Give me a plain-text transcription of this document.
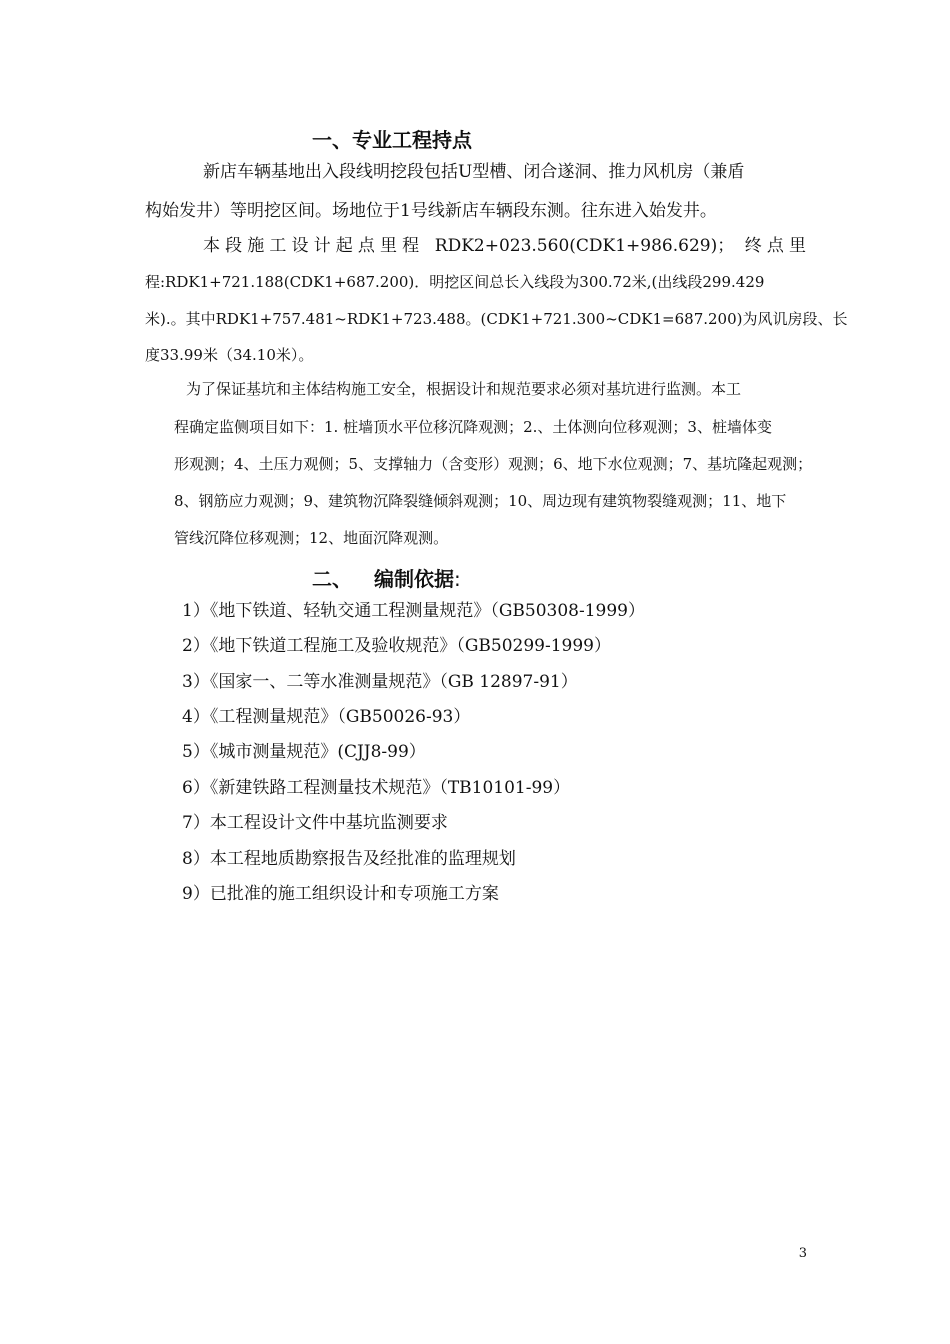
一、专业工程持点
新店车辆基地出入段线明挖段包括U型槽、闭合遂洞、推力风机房（兼盾
构始发井）等明挖区间。场地位于1号线新店车辆段东测。往东进入始发井。
本段施工设计起点里程 RDK2+023.560(CDK1+986.629)； 终点里
程:RDK1+721.188(CDK1+687.200)．明挖区间总长入线段为300.72米,(出线段299.429
米).。其中RDK1+757.481~RDK1+723.488。(CDK1+721.300~CDK1=687.200)为风讥房段、长
度33.99米（34.10米）。
为了保证基坑和主体结构施工安全，根据设计和规范要求必须对基坑进行监测。本工
程确定监侧项目如下：1. 桩墙顶水平位移沉降观测；2.、土体测向位移观测；3、桩墙体变
形观测；4、土压力观侧；5、支撑轴力（含变形）观测；6、地下水位观测；7、基坑隆起观测；
8、钢筋应力观测；9、建筑物沉降裂缝倾斜观测；10、周边现有建筑物裂缝观测；11、地下
管线沉降位移观测；12、地面沉降观测。
二、 编制依据:
1）《地下铁道、轻轨交通工程测量规范》（GB50308-1999）
2）《地下铁道工程施工及验收规范》（GB50299-1999）
3）《国家一、二等水准测量规范》（GB 12897-91）
4）《工程测量规范》（GB50026-93）
5）《城市测量规范》(CJJ8-99）
6）《新建铁路工程测量技术规范》（TB10101-99）
7）本工程设计文件中基坑监测要求
8）本工程地质勘察报告及经批准的监理规划
9）已批准的施工组织设计和专项施工方案
3
